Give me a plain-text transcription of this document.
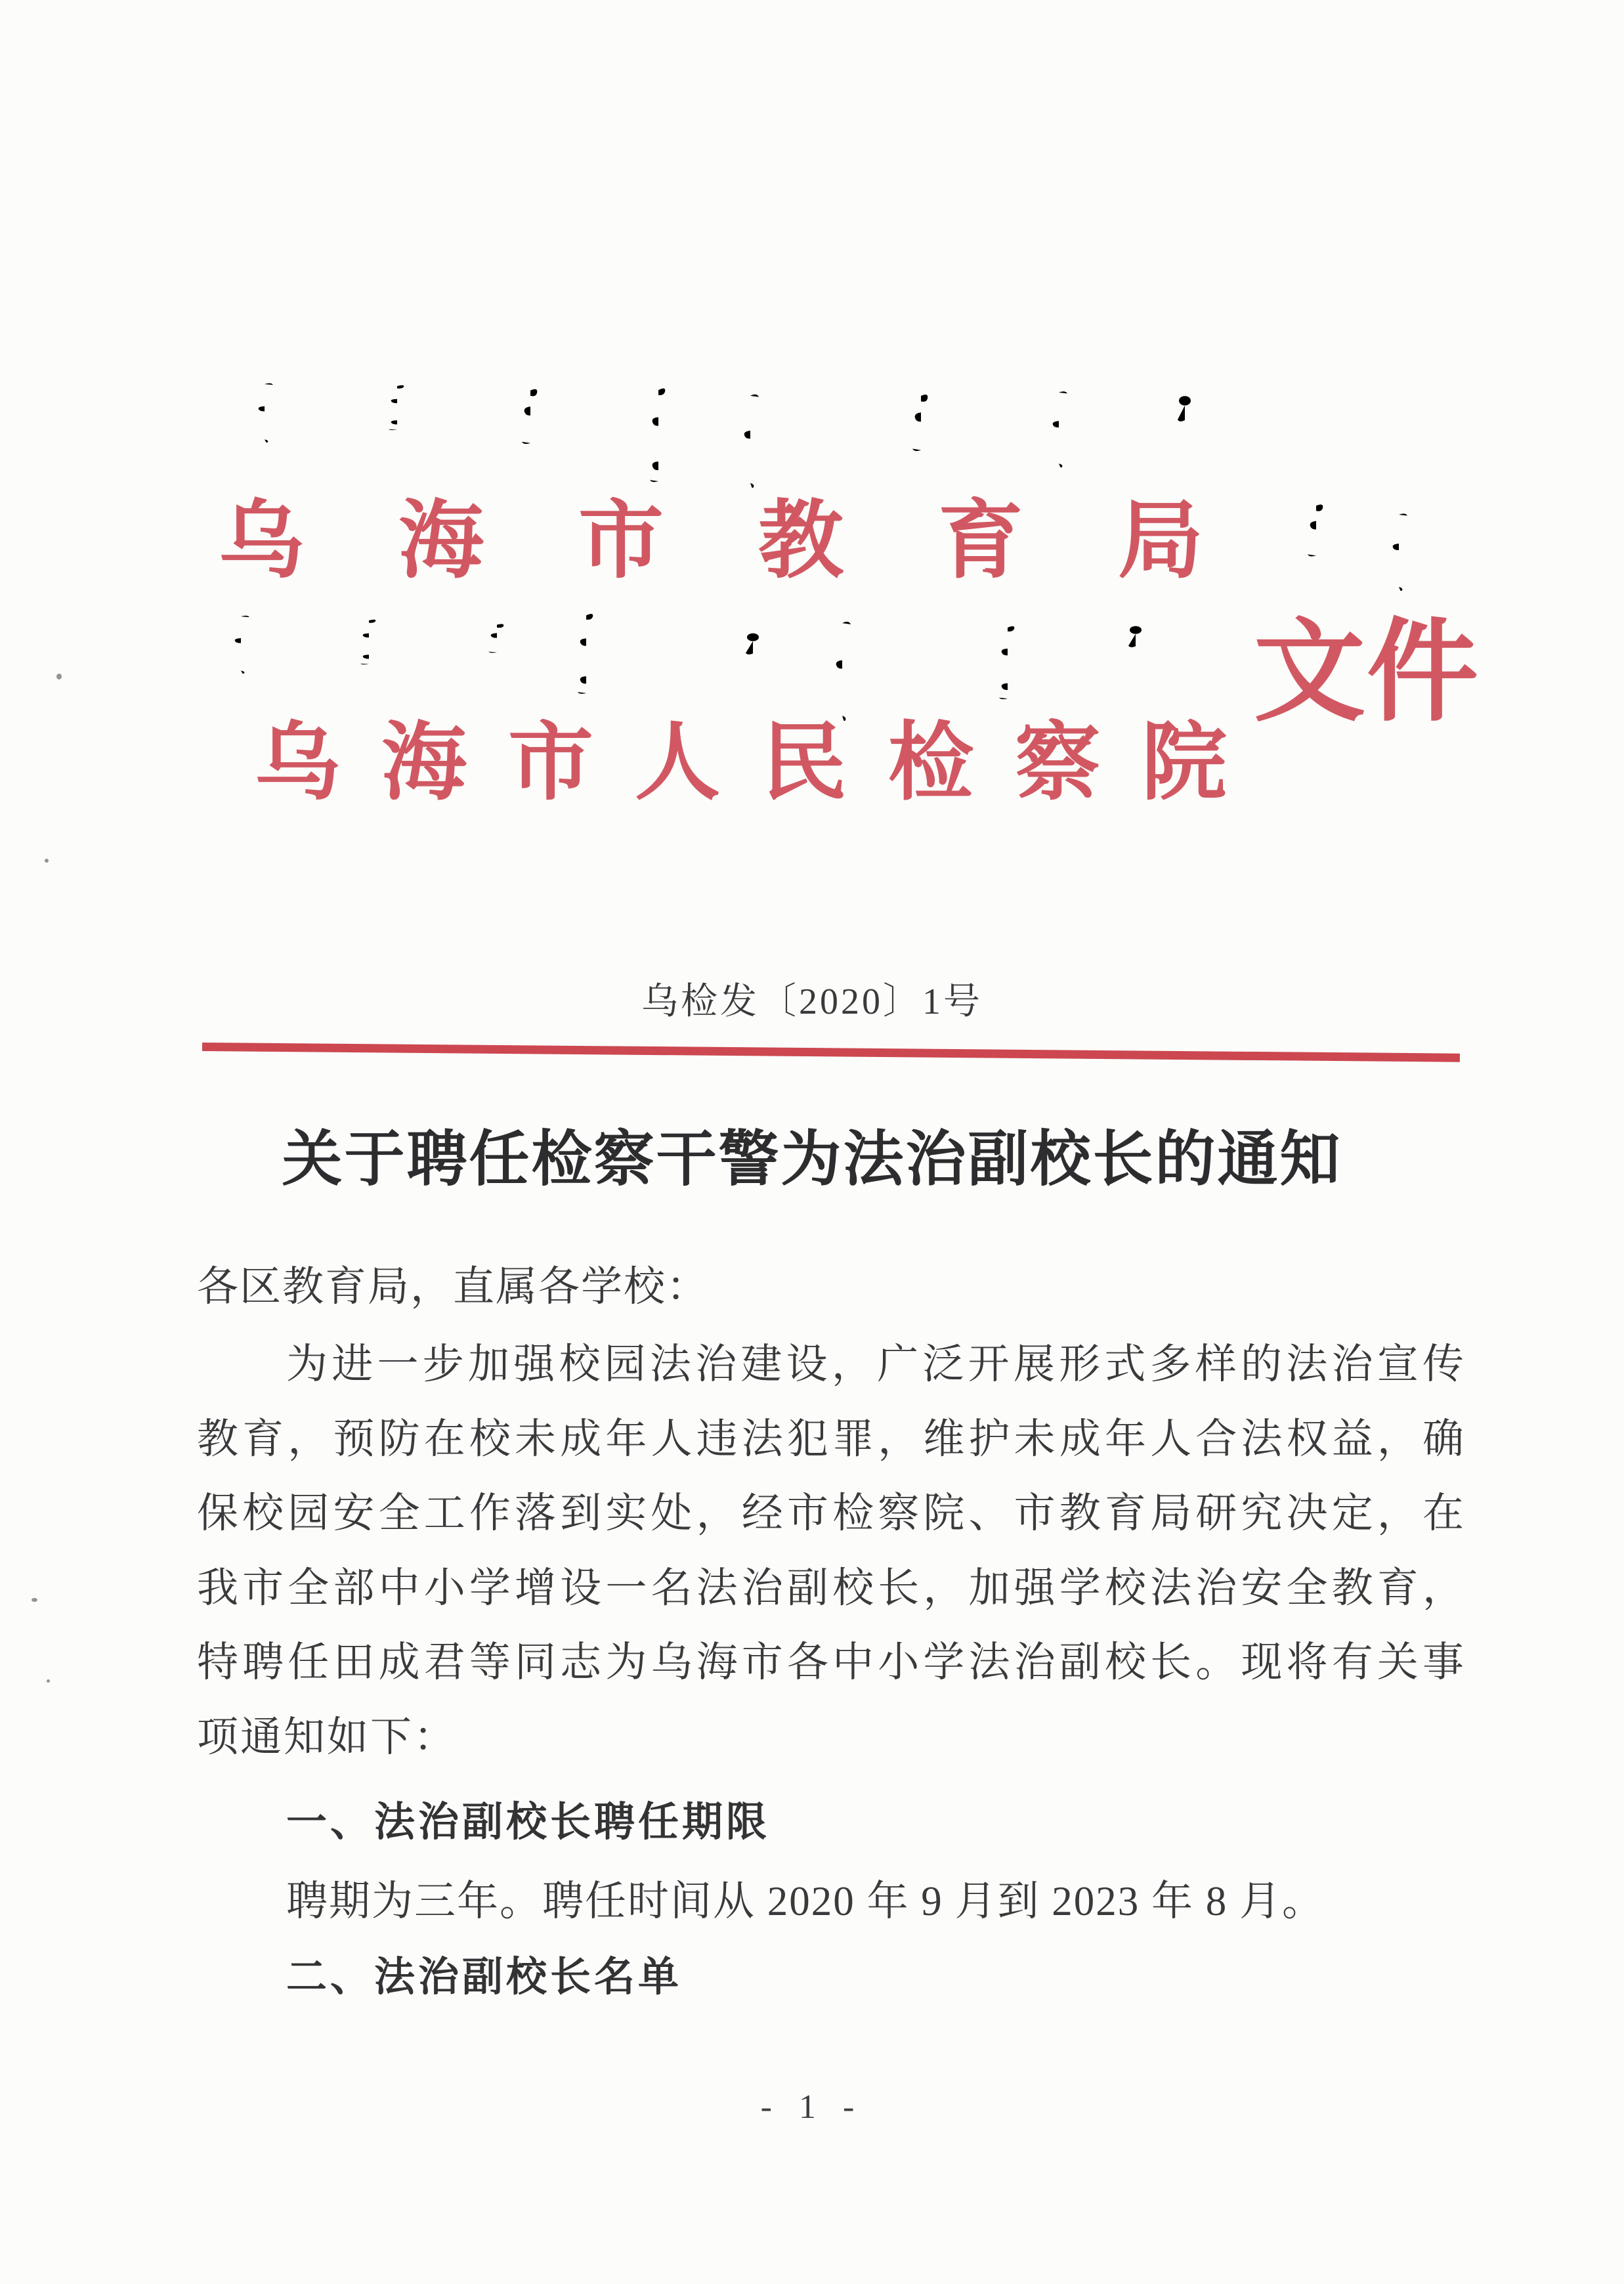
乌海市教育局
乌海市人民检察院
文件
乌检发〔2020〕1号
关于聘任检察干警为法治副校长的通知
各区教育局，直属各学校：
为进一步加强校园法治建设，广泛开展形式多样的法治宣传
教育，预防在校未成年人违法犯罪，维护未成年人合法权益，确
保校园安全工作落到实处，经市检察院、市教育局研究决定，在
我市全部中小学增设一名法治副校长，加强学校法治安全教育，
特聘任田成君等同志为乌海市各中小学法治副校长。现将有关事
项通知如下：
一、法治副校长聘任期限
聘期为三年。聘任时间从 2020 年 9 月到 2023 年 8 月。
二、法治副校长名单
- 1 -
